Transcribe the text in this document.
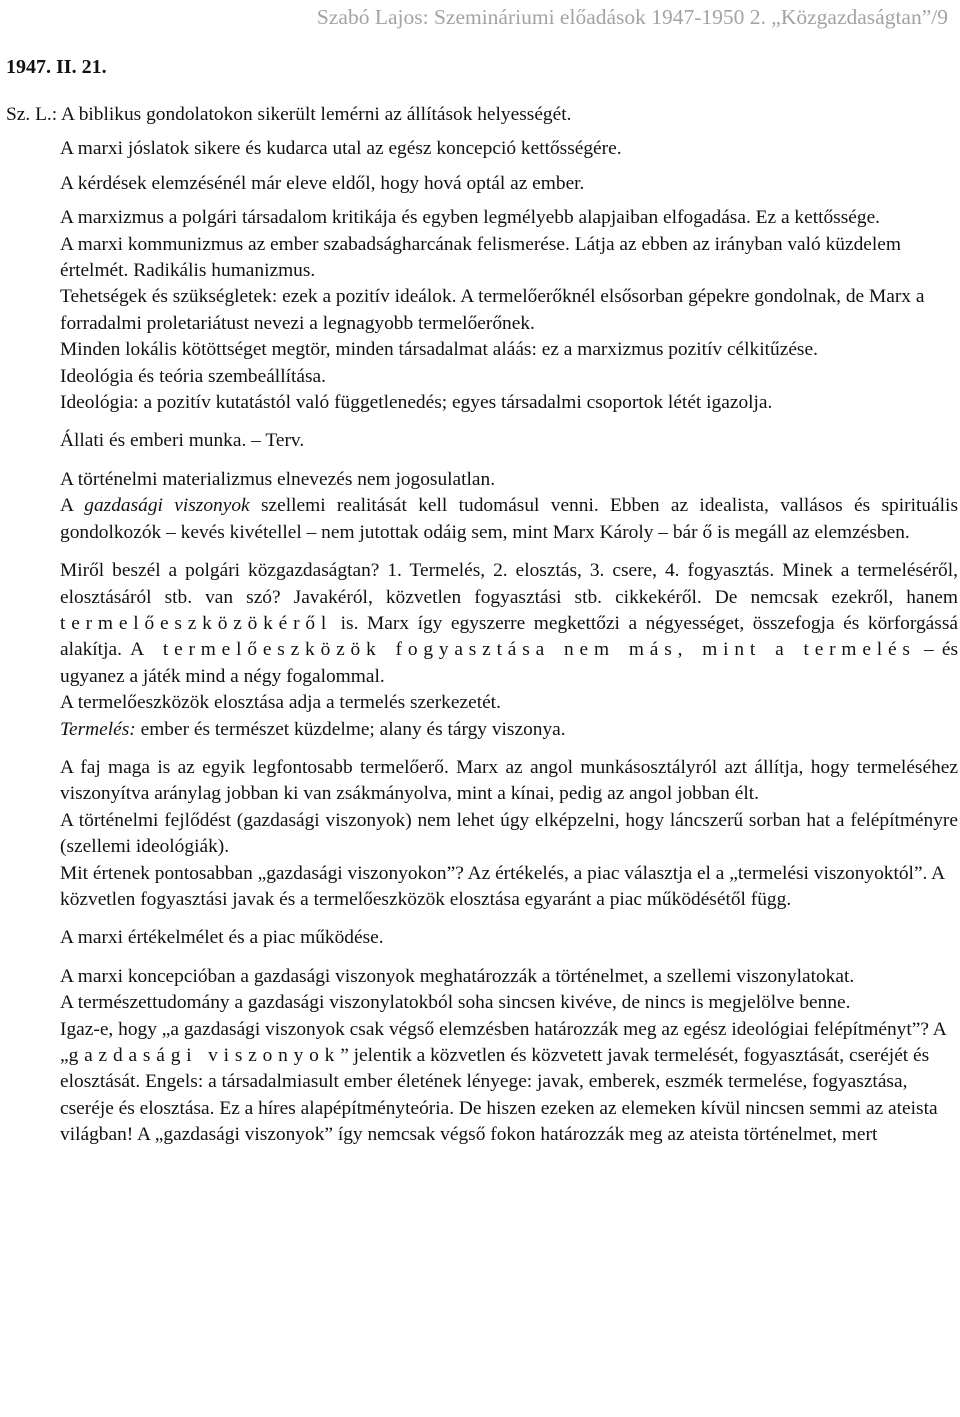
Szabó Lajos: Szemináriumi előadások 1947-1950 2. „Közgazdaságtan”/9
1947. II. 21.

Sz. L.: A biblikus gondolatokon sikerült lemérni az állítások helyességét.

A marxi jóslatok sikere és kudarca utal az egész koncepció kettősségére.

A kérdések elemzésénél már eleve eldől, hogy hová optál az ember.

A marxizmus a polgári társadalom kritikája és egyben legmélyebb alapjaiban elfogadása. Ez a kettőssége.

A marxi kommunizmus az ember szabadságharcának felismerése. Látja az ebben az irányban való küzdelem értelmét. Radikális humanizmus.

Tehetségek és szükségletek: ezek a pozitív ideálok. A termelőerőknél elsősorban gépekre gondolnak, de Marx a forradalmi proletariátust nevezi a legnagyobb termelőerőnek.

Minden lokális kötöttséget megtör, minden társadalmat aláás: ez a marxizmus pozitív célkitűzése.

Ideológia és teória szembeállítása.

Ideológia: a pozitív kutatástól való függetlenedés; egyes társadalmi csoportok létét igazolja.

Állati és emberi munka. – Terv.

A történelmi materializmus elnevezés nem jogosulatlan.

A gazdasági viszonyok szellemi realitását kell tudomásul venni. Ebben az idealista, vallásos és spirituális gondolkozók – kevés kivétellel – nem jutottak odáig sem, mint Marx Károly – bár ő is megáll az elemzésben.

Miről beszél a polgári közgazdaságtan? 1. Termelés, 2. elosztás, 3. csere, 4. fogyasztás. Minek a termeléséről, elosztásáról stb. van szó? Javakéról, közvetlen fogyasztási stb. cikkekéről. De nemcsak ezekről, hanem termelőeszközökéről is. Marx így egyszerre megkettőzi a négyességet, összefogja és körforgássá alakítja. A termelőeszközök fogyasztása nem más, mint a termelés – és ugyanez a játék mind a négy fogalommal.

A termelőeszközök elosztása adja a termelés szerkezetét.

Termelés: ember és természet küzdelme; alany és tárgy viszonya.

A faj maga is az egyik legfontosabb termelőerő. Marx az angol munkásosztályról azt állítja, hogy termeléséhez viszonyítva aránylag jobban ki van zsákmányolva, mint a kínai, pedig az angol jobban élt.

A történelmi fejlődést (gazdasági viszonyok) nem lehet úgy elképzelni, hogy láncszerű sorban hat a felépítményre (szellemi ideológiák).

Mit értenek pontosabban „gazdasági viszonyokon”? Az értékelés, a piac választja el a „termelési viszonyoktól”. A közvetlen fogyasztási javak és a termelőeszközök elosztása egyaránt a piac működésétől függ.

A marxi értékelmélet és a piac működése.

A marxi koncepcióban a gazdasági viszonyok meghatározzák a történelmet, a szellemi viszonylatokat.

A természettudomány a gazdasági viszonylatokból soha sincsen kivéve, de nincs is megjelölve benne.

Igaz-e, hogy „a gazdasági viszonyok csak végső elemzésben határozzák meg az egész ideológiai felépítményt”? A „gazdasági viszonyok” jelentik a közvetlen és közvetett javak termelését, fogyasztását, cseréjét és elosztását. Engels: a társadalmiasult ember életének lényege: javak, emberek, eszmék termelése, fogyasztása, cseréje és elosztása. Ez a híres alapépítményteória. De hiszen ezeken az elemeken kívül nincsen semmi az ateista világban! A „gazdasági viszonyok” így nemcsak végső fokon határozzák meg az ateista történelmet, mert
